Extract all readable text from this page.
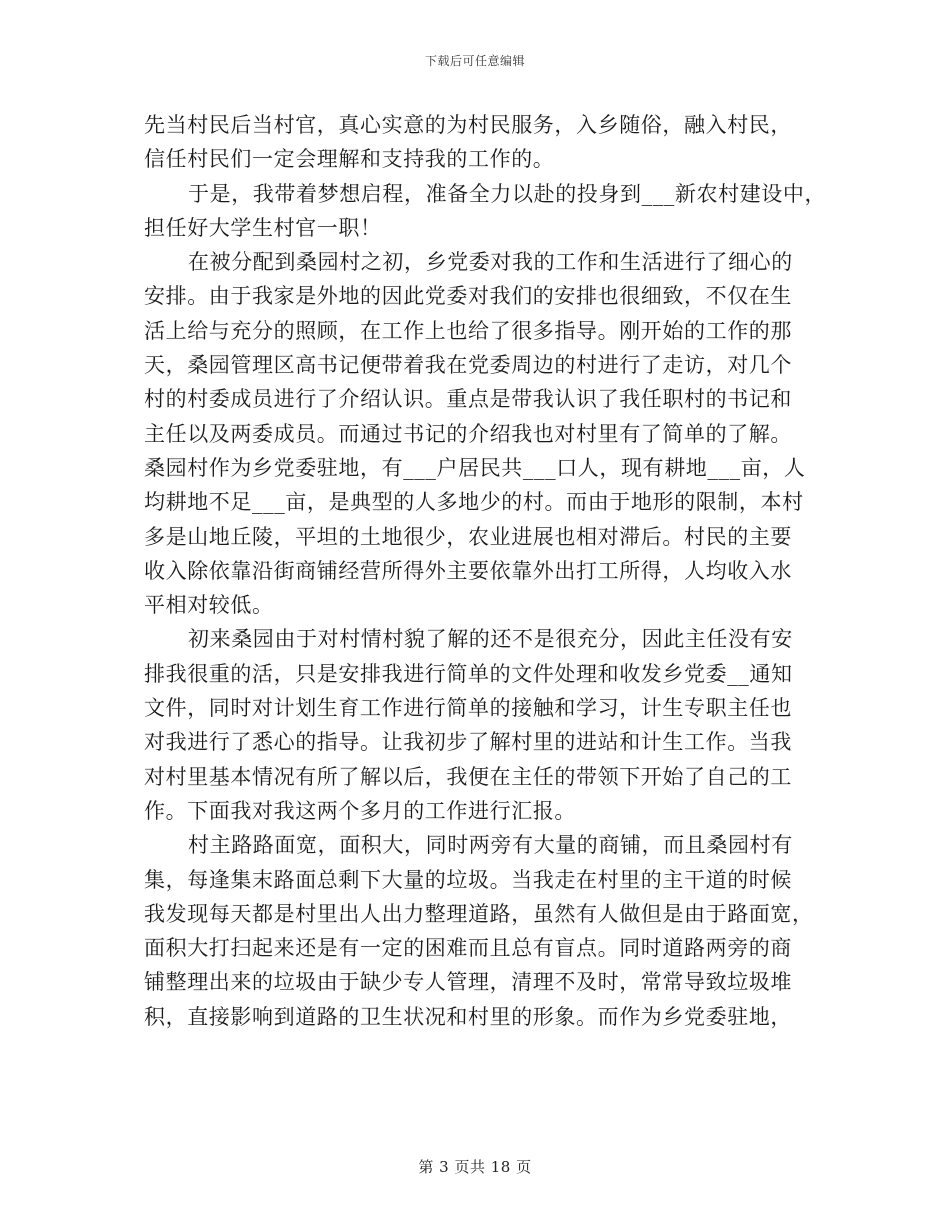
下载后可任意编辑

先当村民后当村官，真心实意的为村民服务，入乡随俗，融入村民，
信任村民们一定会理解和支持我的工作的。

于是，我带着梦想启程，准备全力以赴的投身到___新农村建设中，
担任好大学生村官一职！

在被分配到桑园村之初，乡党委对我的工作和生活进行了细心的
安排。由于我家是外地的因此党委对我们的安排也很细致，不仅在生
活上给与充分的照顾，在工作上也给了很多指导。刚开始的工作的那
天，桑园管理区高书记便带着我在党委周边的村进行了走访，对几个
村的村委成员进行了介绍认识。重点是带我认识了我任职村的书记和
主任以及两委成员。而通过书记的介绍我也对村里有了简单的了解。
桑园村作为乡党委驻地，有___户居民共___口人，现有耕地___亩，人
均耕地不足___亩，是典型的人多地少的村。而由于地形的限制，本村
多是山地丘陵，平坦的土地很少，农业进展也相对滞后。村民的主要
收入除依靠沿街商铺经营所得外主要依靠外出打工所得，人均收入水
平相对较低。

初来桑园由于对村情村貌了解的还不是很充分，因此主任没有安
排我很重的活，只是安排我进行简单的文件处理和收发乡党委__通知
文件，同时对计划生育工作进行简单的接触和学习，计生专职主任也
对我进行了悉心的指导。让我初步了解村里的进站和计生工作。当我
对村里基本情况有所了解以后，我便在主任的带领下开始了自己的工
作。下面我对我这两个多月的工作进行汇报。

村主路路面宽，面积大，同时两旁有大量的商铺，而且桑园村有
集，每逢集末路面总剩下大量的垃圾。当我走在村里的主干道的时候
我发现每天都是村里出人出力整理道路，虽然有人做但是由于路面宽，
面积大打扫起来还是有一定的困难而且总有盲点。同时道路两旁的商
铺整理出来的垃圾由于缺少专人管理，清理不及时，常常导致垃圾堆
积，直接影响到道路的卫生状况和村里的形象。而作为乡党委驻地，

第 3 页共 18 页
